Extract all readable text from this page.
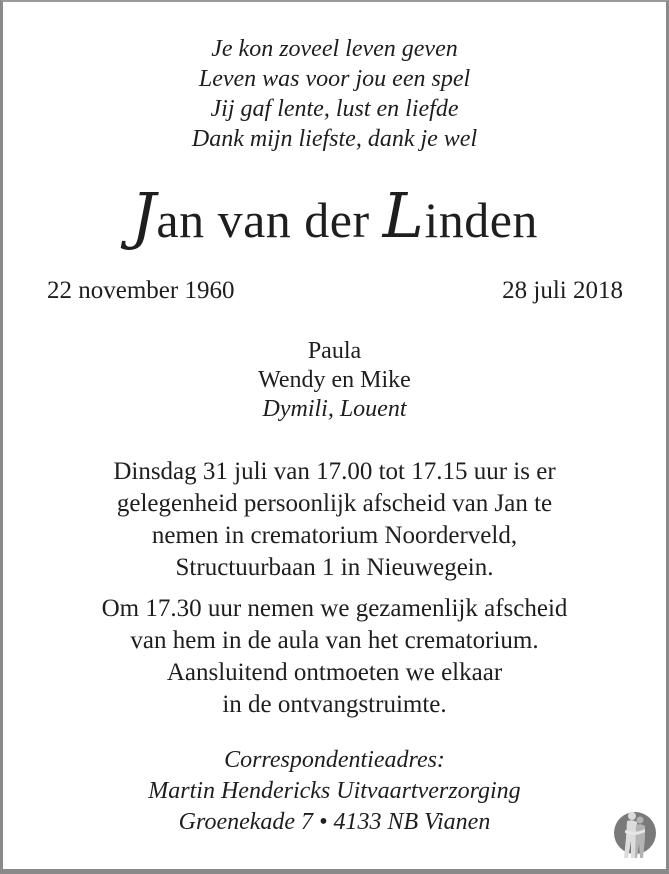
Je kon zoveel leven geven
Leven was voor jou een spel
Jij gaf lente, lust en liefde
Dank mijn liefste, dank je wel
Jan van der Linden
22 november 1960	28 juli 2018
Paula
Wendy en Mike
Dymili, Louent
Dinsdag 31 juli van 17.00 tot 17.15 uur is er
gelegenheid persoonlijk afscheid van Jan te
nemen in crematorium Noorderveld,
Structuurbaan 1 in Nieuwegein.
Om 17.30 uur nemen we gezamenlijk afscheid
van hem in de aula van het crematorium.
Aansluitend ontmoeten we elkaar
in de ontvangstruimte.
Correspondentieadres:
Martin Hendericks Uitvaartverzorging
Groenekade 7 • 4133 NB Vianen
